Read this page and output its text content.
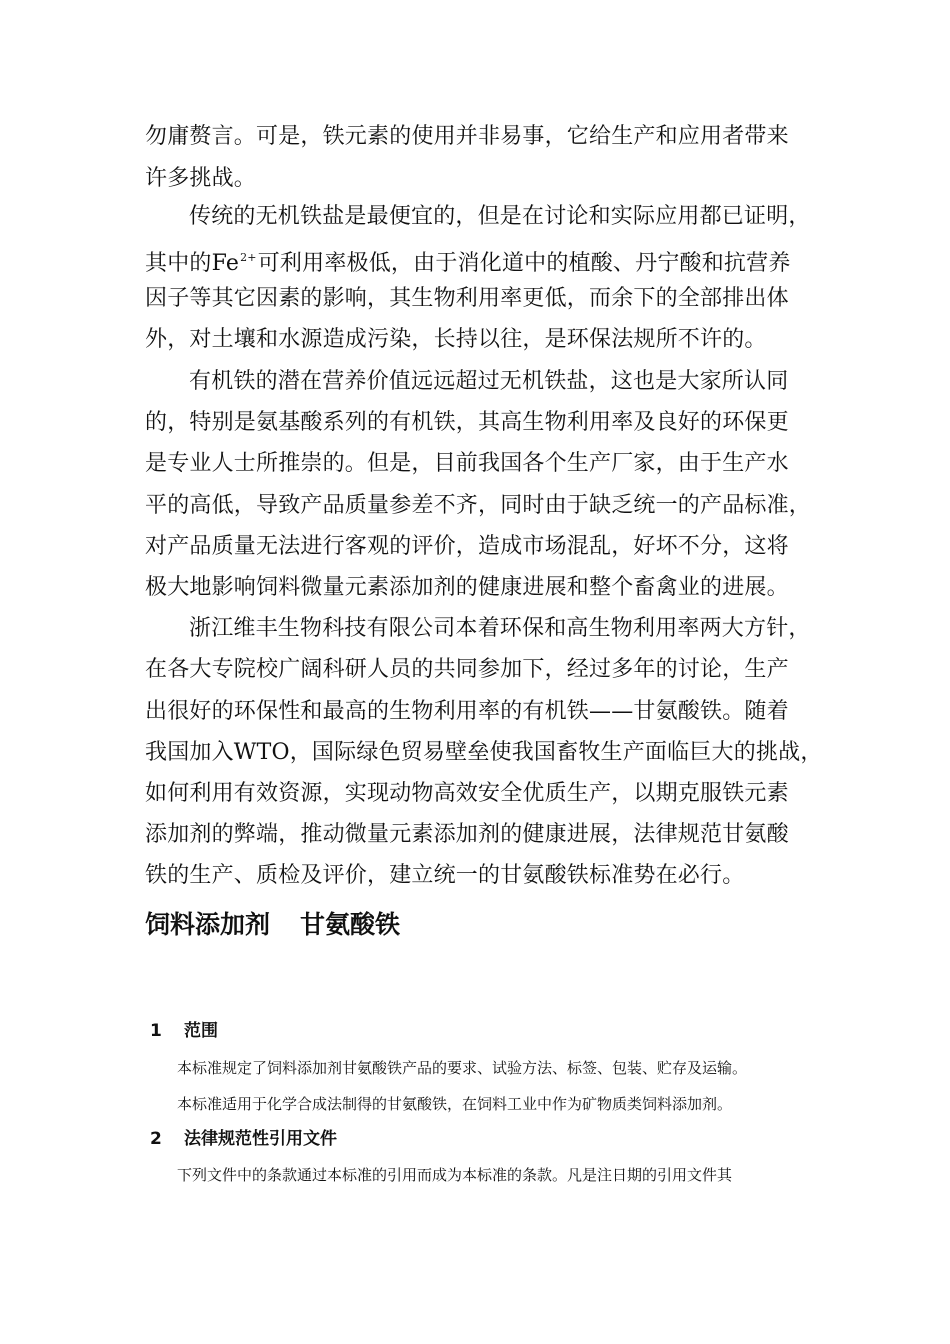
勿庸赘言。可是，铁元素的使用并非易事，它给生产和应用者带来
许多挑战。
传统的无机铁盐是最便宜的，但是在讨论和实际应用都已证明，
其中的$Fe^{2+}$可利用率极低，由于消化道中的植酸、丹宁酸和抗营养
因子等其它因素的影响，其生物利用率更低，而余下的全部排出体
外，对土壤和水源造成污染，长持以往，是环保法规所不许的。
有机铁的潜在营养价值远远超过无机铁盐，这也是大家所认同
的，特别是氨基酸系列的有机铁，其高生物利用率及良好的环保更
是专业人士所推崇的。但是，目前我国各个生产厂家，由于生产水
平的高低，导致产品质量参差不齐，同时由于缺乏统一的产品标准，
对产品质量无法进行客观的评价，造成市场混乱，好坏不分，这将
极大地影响饲料微量元素添加剂的健康进展和整个畜禽业的进展。
浙江维丰生物科技有限公司本着环保和高生物利用率两大方针，
在各大专院校广阔科研人员的共同参加下，经过多年的讨论，生产
出很好的环保性和最高的生物利用率的有机铁——甘氨酸铁。随着
我国加入WTO，国际绿色贸易壁垒使我国畜牧生产面临巨大的挑战，
如何利用有效资源，实现动物高效安全优质生产，以期克服铁元素
添加剂的弊端，推动微量元素添加剂的健康进展，法律规范甘氨酸
铁的生产、质检及评价，建立统一的甘氨酸铁标准势在必行。
饲料添加剂 甘氨酸铁
1 范围
本标准规定了饲料添加剂甘氨酸铁产品的要求、试验方法、标签、包装、贮存及运输。
本标准适用于化学合成法制得的甘氨酸铁，在饲料工业中作为矿物质类饲料添加剂。
2 法律规范性引用文件
下列文件中的条款通过本标准的引用而成为本标准的条款。凡是注日期的引用文件其
